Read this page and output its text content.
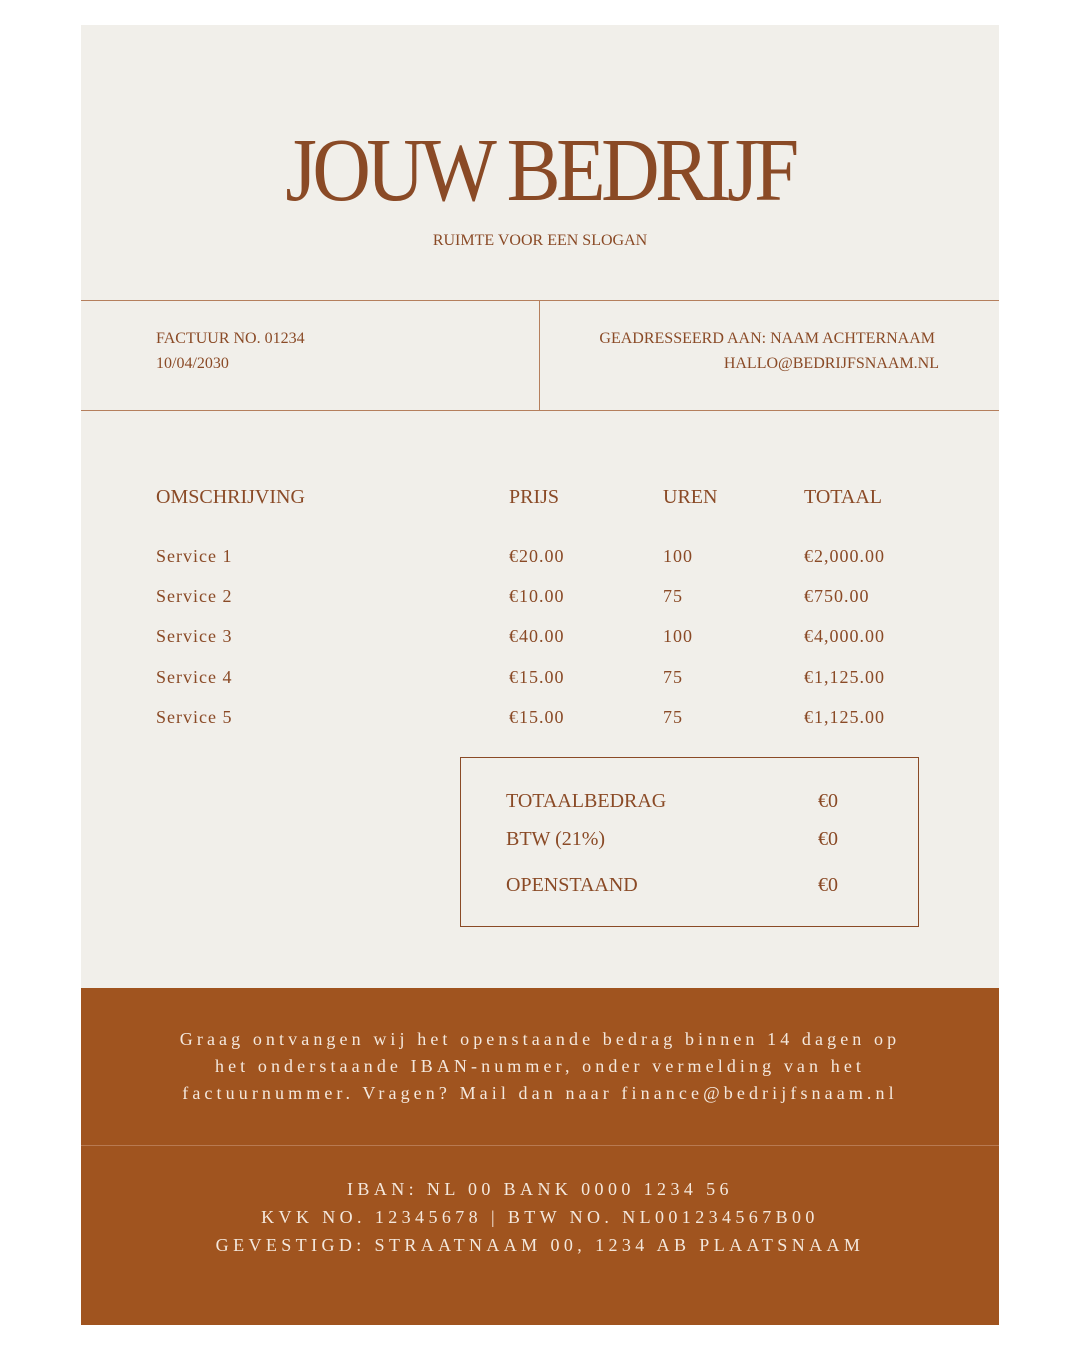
JOUW BEDRIJF
RUIMTE VOOR EEN SLOGAN
FACTUUR NO. 01234
10/04/2030
GEADRESSEERD AAN: NAAM ACHTERNAAM
HALLO@BEDRIJFSNAAM.NL
OMSCHRIJVING	PRIJS	UREN	TOTAAL
Service 1	€20.00	100	€2,000.00
Service 2	€10.00	75	€750.00
Service 3	€40.00	100	€4,000.00
Service 4	€15.00	75	€1,125.00
Service 5	€15.00	75	€1,125.00
TOTAALBEDRAG	€0
BTW (21%)	€0
OPENSTAAND	€0
Graag ontvangen wij het openstaande bedrag binnen 14 dagen op
het onderstaande IBAN-nummer, onder vermelding van het
factuurnummer. Vragen? Mail dan naar finance@bedrijfsnaam.nl
IBAN: NL 00 BANK 0000 1234 56
KVK NO. 12345678 | BTW NO. NL001234567B00
GEVESTIGD: STRAATNAAM 00, 1234 AB PLAATSNAAM
